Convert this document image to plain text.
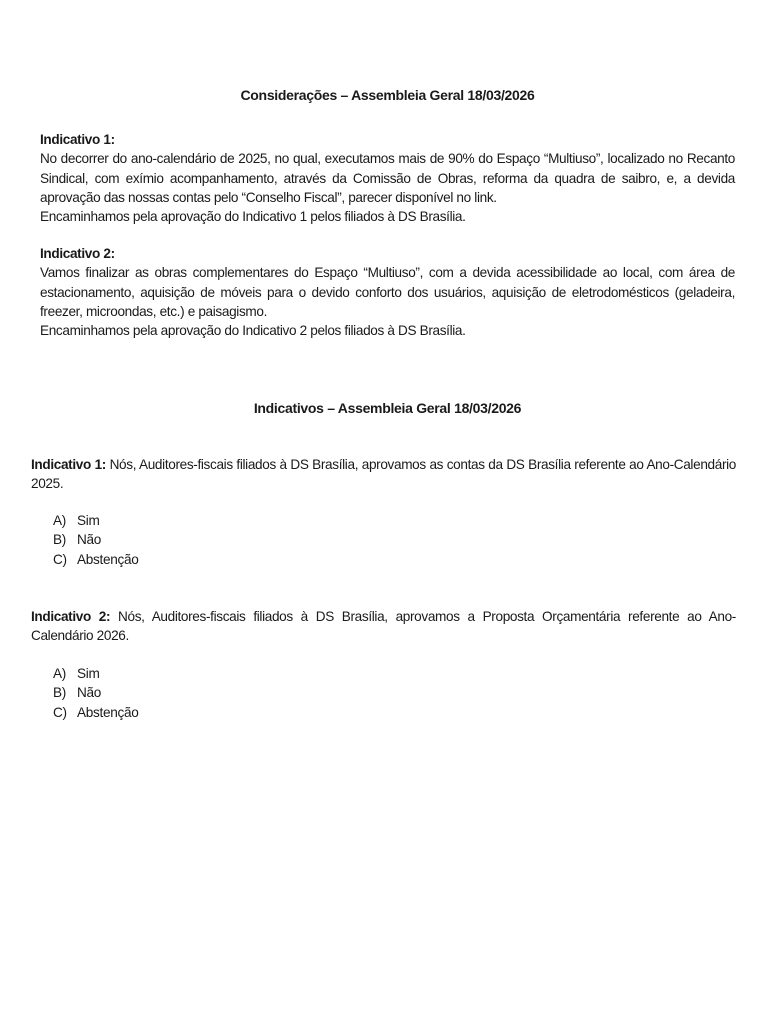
Considerações – Assembleia Geral 18/03/2026

Indicativo 1:

No decorrer do ano-calendário de 2025, no qual, executamos mais de 90% do Espaço “Multiuso”, localizado no Recanto Sindical, com exímio acompanhamento, através da Comissão de Obras, reforma da quadra de saibro, e, a devida aprovação das nossas contas pelo “Conselho Fiscal”, parecer disponível no link.

Encaminhamos pela aprovação do Indicativo 1 pelos filiados à DS Brasília.

Indicativo 2:

Vamos finalizar as obras complementares do Espaço “Multiuso”, com a devida acessibilidade ao local, com área de estacionamento, aquisição de móveis para o devido conforto dos usuários, aquisição de eletrodomésticos (geladeira, freezer, microondas, etc.) e paisagismo.

Encaminhamos pela aprovação do Indicativo 2 pelos filiados à DS Brasília.

Indicativos – Assembleia Geral 18/03/2026

Indicativo 1: Nós, Auditores-fiscais filiados à DS Brasília, aprovamos as contas da DS Brasília referente ao Ano-Calendário 2025.

A) Sim
B) Não
C) Abstenção

Indicativo 2: Nós, Auditores-fiscais filiados à DS Brasília, aprovamos a Proposta Orçamentária referente ao Ano-Calendário 2026.

A) Sim
B) Não
C) Abstenção
